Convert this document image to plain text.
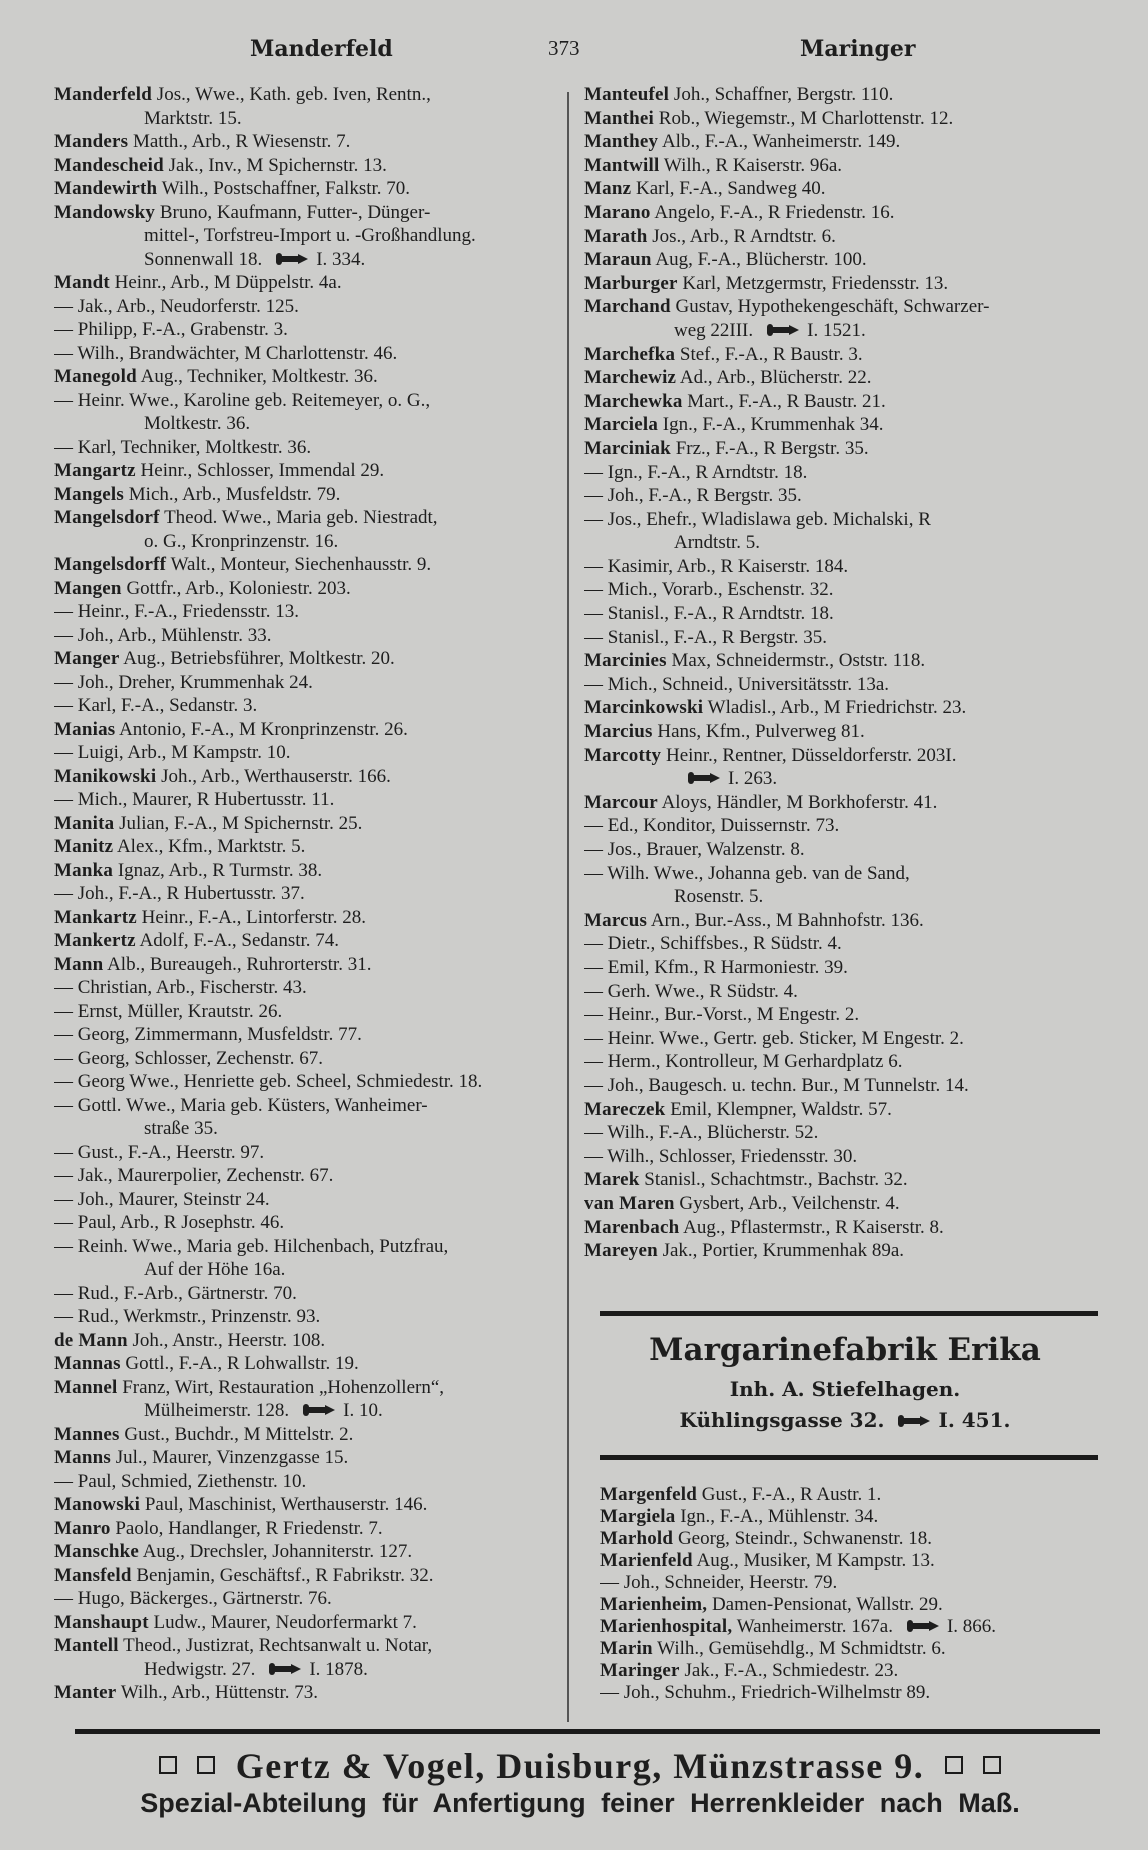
Manderfeld	373	Maringer
Manderfeld Jos., Wwe., Kath. geb. Iven, Rentn.,
Marktstr. 15.
Manders Matth., Arb., R Wiesenstr. 7.
Mandescheid Jak., Inv., M Spichernstr. 13.
Mandewirth Wilh., Postschaffner, Falkstr. 70.
Mandowsky Bruno, Kaufmann, Futter-, Dünger-
mittel-, Torfstreu-Import u. -Großhandlung.
Sonnenwall 18.	I. 334.
Mandt Heinr., Arb., M Düppelstr. 4a.
— Jak., Arb., Neudorferstr. 125.
— Philipp, F.-A., Grabenstr. 3.
— Wilh., Brandwächter, M Charlottenstr. 46.
Manegold Aug., Techniker, Moltkestr. 36.
— Heinr. Wwe., Karoline geb. Reitemeyer, o. G.,
Moltkestr. 36.
— Karl, Techniker, Moltkestr. 36.
Mangartz Heinr., Schlosser, Immendal 29.
Mangels Mich., Arb., Musfeldstr. 79.
Mangelsdorf Theod. Wwe., Maria geb. Niestradt,
o. G., Kronprinzenstr. 16.
Mangelsdorff Walt., Monteur, Siechenhausstr. 9.
Mangen Gottfr., Arb., Koloniestr. 203.
— Heinr., F.-A., Friedensstr. 13.
— Joh., Arb., Mühlenstr. 33.
Manger Aug., Betriebsführer, Moltkestr. 20.
— Joh., Dreher, Krummenhak 24.
— Karl, F.-A., Sedanstr. 3.
Manias Antonio, F.-A., M Kronprinzenstr. 26.
— Luigi, Arb., M Kampstr. 10.
Manikowski Joh., Arb., Werthauserstr. 166.
— Mich., Maurer, R Hubertusstr. 11.
Manita Julian, F.-A., M Spichernstr. 25.
Manitz Alex., Kfm., Marktstr. 5.
Manka Ignaz, Arb., R Turmstr. 38.
— Joh., F.-A., R Hubertusstr. 37.
Mankartz Heinr., F.-A., Lintorferstr. 28.
Mankertz Adolf, F.-A., Sedanstr. 74.
Mann Alb., Bureaugeh., Ruhrorterstr. 31.
— Christian, Arb., Fischerstr. 43.
— Ernst, Müller, Krautstr. 26.
— Georg, Zimmermann, Musfeldstr. 77.
— Georg, Schlosser, Zechenstr. 67.
— Georg Wwe., Henriette geb. Scheel, Schmiedestr. 18.
— Gottl. Wwe., Maria geb. Küsters, Wanheimer-
straße 35.
— Gust., F.-A., Heerstr. 97.
— Jak., Maurerpolier, Zechenstr. 67.
— Joh., Maurer, Steinstr 24.
— Paul, Arb., R Josephstr. 46.
— Reinh. Wwe., Maria geb. Hilchenbach, Putzfrau,
Auf der Höhe 16a.
— Rud., F.-Arb., Gärtnerstr. 70.
— Rud., Werkmstr., Prinzenstr. 93.
de Mann Joh., Anstr., Heerstr. 108.
Mannas Gottl., F.-A., R Lohwallstr. 19.
Mannel Franz, Wirt, Restauration „Hohenzollern“,
Mülheimerstr. 128.	I. 10.
Mannes Gust., Buchdr., M Mittelstr. 2.
Manns Jul., Maurer, Vinzenzgasse 15.
— Paul, Schmied, Ziethenstr. 10.
Manowski Paul, Maschinist, Werthauserstr. 146.
Manro Paolo, Handlanger, R Friedenstr. 7.
Manschke Aug., Drechsler, Johanniterstr. 127.
Mansfeld Benjamin, Geschäftsf., R Fabrikstr. 32.
— Hugo, Bäckerges., Gärtnerstr. 76.
Manshaupt Ludw., Maurer, Neudorfermarkt 7.
Mantell Theod., Justizrat, Rechtsanwalt u. Notar,
Hedwigstr. 27.	I. 1878.
Manter Wilh., Arb., Hüttenstr. 73.
Manteufel Joh., Schaffner, Bergstr. 110.
Manthei Rob., Wiegemstr., M Charlottenstr. 12.
Manthey Alb., F.-A., Wanheimerstr. 149.
Mantwill Wilh., R Kaiserstr. 96a.
Manz Karl, F.-A., Sandweg 40.
Marano Angelo, F.-A., R Friedenstr. 16.
Marath Jos., Arb., R Arndtstr. 6.
Maraun Aug, F.-A., Blücherstr. 100.
Marburger Karl, Metzgermstr, Friedensstr. 13.
Marchand Gustav, Hypothekengeschäft, Schwarzer-
weg 22III.	I. 1521.
Marchefka Stef., F.-A., R Baustr. 3.
Marchewiz Ad., Arb., Blücherstr. 22.
Marchewka Mart., F.-A., R Baustr. 21.
Marciela Ign., F.-A., Krummenhak 34.
Marciniak Frz., F.-A., R Bergstr. 35.
— Ign., F.-A., R Arndtstr. 18.
— Joh., F.-A., R Bergstr. 35.
— Jos., Ehefr., Wladislawa geb. Michalski, R
Arndtstr. 5.
— Kasimir, Arb., R Kaiserstr. 184.
— Mich., Vorarb., Eschenstr. 32.
— Stanisl., F.-A., R Arndtstr. 18.
— Stanisl., F.-A., R Bergstr. 35.
Marcinies Max, Schneidermstr., Oststr. 118.
— Mich., Schneid., Universitätsstr. 13a.
Marcinkowski Wladisl., Arb., M Friedrichstr. 23.
Marcius Hans, Kfm., Pulverweg 81.
Marcotty Heinr., Rentner, Düsseldorferstr. 203I.
I. 263.
Marcour Aloys, Händler, M Borkhoferstr. 41.
— Ed., Konditor, Duissernstr. 73.
— Jos., Brauer, Walzenstr. 8.
— Wilh. Wwe., Johanna geb. van de Sand,
Rosenstr. 5.
Marcus Arn., Bur.-Ass., M Bahnhofstr. 136.
— Dietr., Schiffsbes., R Südstr. 4.
— Emil, Kfm., R Harmoniestr. 39.
— Gerh. Wwe., R Südstr. 4.
— Heinr., Bur.-Vorst., M Engestr. 2.
— Heinr. Wwe., Gertr. geb. Sticker, M Engestr. 2.
— Herm., Kontrolleur, M Gerhardplatz 6.
— Joh., Baugesch. u. techn. Bur., M Tunnelstr. 14.
Mareczek Emil, Klempner, Waldstr. 57.
— Wilh., F.-A., Blücherstr. 52.
— Wilh., Schlosser, Friedensstr. 30.
Marek Stanisl., Schachtmstr., Bachstr. 32.
van Maren Gysbert, Arb., Veilchenstr. 4.
Marenbach Aug., Pflastermstr., R Kaiserstr. 8.
Mareyen Jak., Portier, Krummenhak 89a.
Margarinefabrik Erika
Inh. A. Stiefelhagen.
Kühlingsgasse 32.	I. 451.
Margenfeld Gust., F.-A., R Austr. 1.
Margiela Ign., F.-A., Mühlenstr. 34.
Marhold Georg, Steindr., Schwanenstr. 18.
Marienfeld Aug., Musiker, M Kampstr. 13.
— Joh., Schneider, Heerstr. 79.
Marienheim, Damen-Pensionat, Wallstr. 29.
Marienhospital, Wanheimerstr. 167a.	I. 866.
Marin Wilh., Gemüsehdlg., M Schmidtstr. 6.
Maringer Jak., F.-A., Schmiedestr. 23.
— Joh., Schuhm., Friedrich-Wilhelmstr 89.
Gertz & Vogel, Duisburg, Münzstrasse 9.
Spezial-Abteilung für Anfertigung feiner Herrenkleider nach Maß.
